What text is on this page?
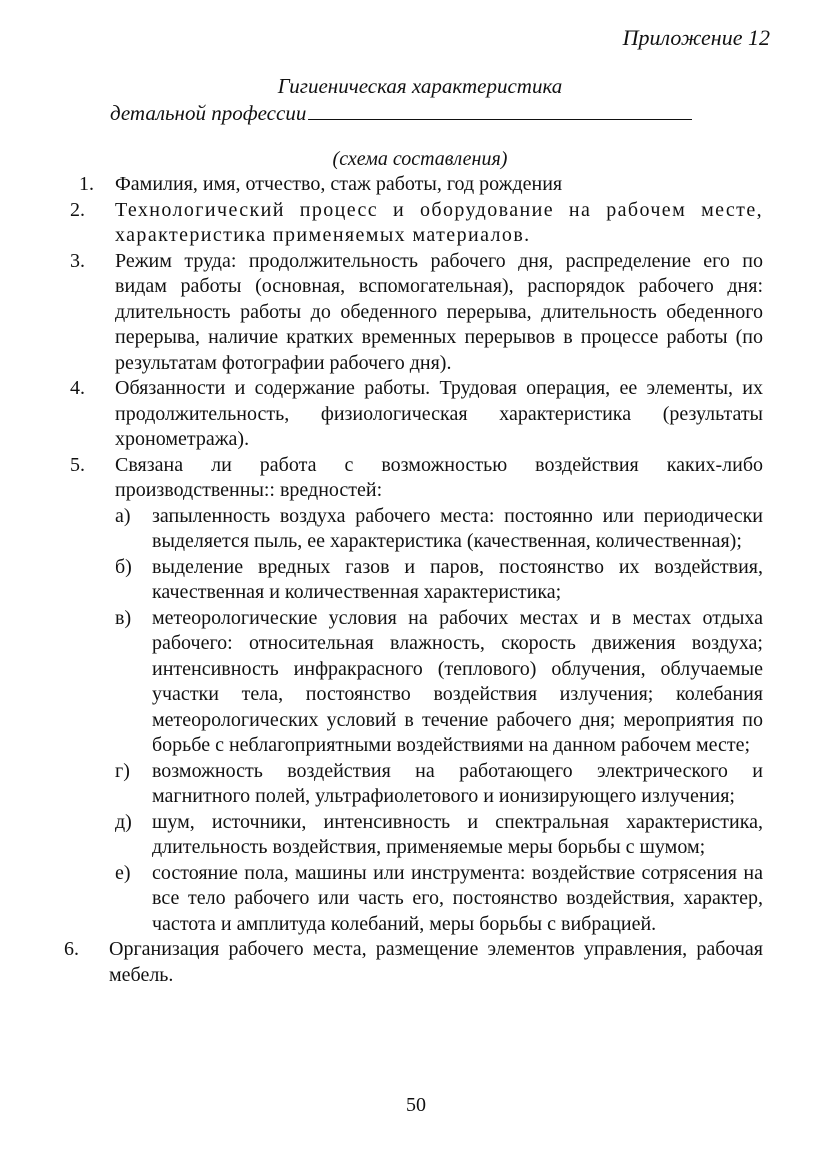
Приложение 12
Гигиеническая характеристика
детальной профессии
(схема составления)
1.	Фамилия, имя, отчество, стаж работы, год рождения
2.	Технологический процесс и оборудование на рабочем месте, характеристика применяемых материалов.
3.	Режим труда: продолжительность рабочего дня, распределение его по видам работы (основная, вспомогательная), распорядок рабочего дня: длительность работы до обеденного перерыва, длительность обеденного перерыва, наличие кратких временных перерывов в процессе работы (по результатам фотографии рабочего дня).
4.	Обязанности и содержание работы. Трудовая операция, ее элементы, их продолжительность, физиологическая характеристика (результаты хронометража).
5.	Связана ли работа с возможностью воздействия каких-либо производственны:: вредностей:
а)	запыленность воздуха рабочего места: постоянно или периодически выделяется пыль, ее характеристика (качественная, количественная);
б)	выделение вредных газов и паров, постоянство их воздействия, качественная и количественная характеристика;
в)	метеорологические условия на рабочих местах и в местах отдыха рабочего: относительная влажность, скорость движения воздуха; интенсивность инфракрасного (теплового) облучения, облучаемые участки тела, постоянство воздействия излучения; колебания метеорологических условий в течение рабочего дня; мероприятия по борьбе с неблагоприятными воздействиями на данном рабочем месте;
г)	возможность воздействия на работающего электрического и магнитного полей, ультрафиолетового и ионизирующего излучения;
д)	шум, источники, интенсивность и спектральная характеристика, длительность воздействия, применяемые меры борьбы с шумом;
е)	состояние пола, машины или инструмента: воздействие сотрясения на все тело рабочего или часть его, постоянство воздействия, характер, частота и амплитуда колебаний, меры борьбы с вибрацией.
6.	Организация рабочего места, размещение элементов управления, рабочая мебель.
50
